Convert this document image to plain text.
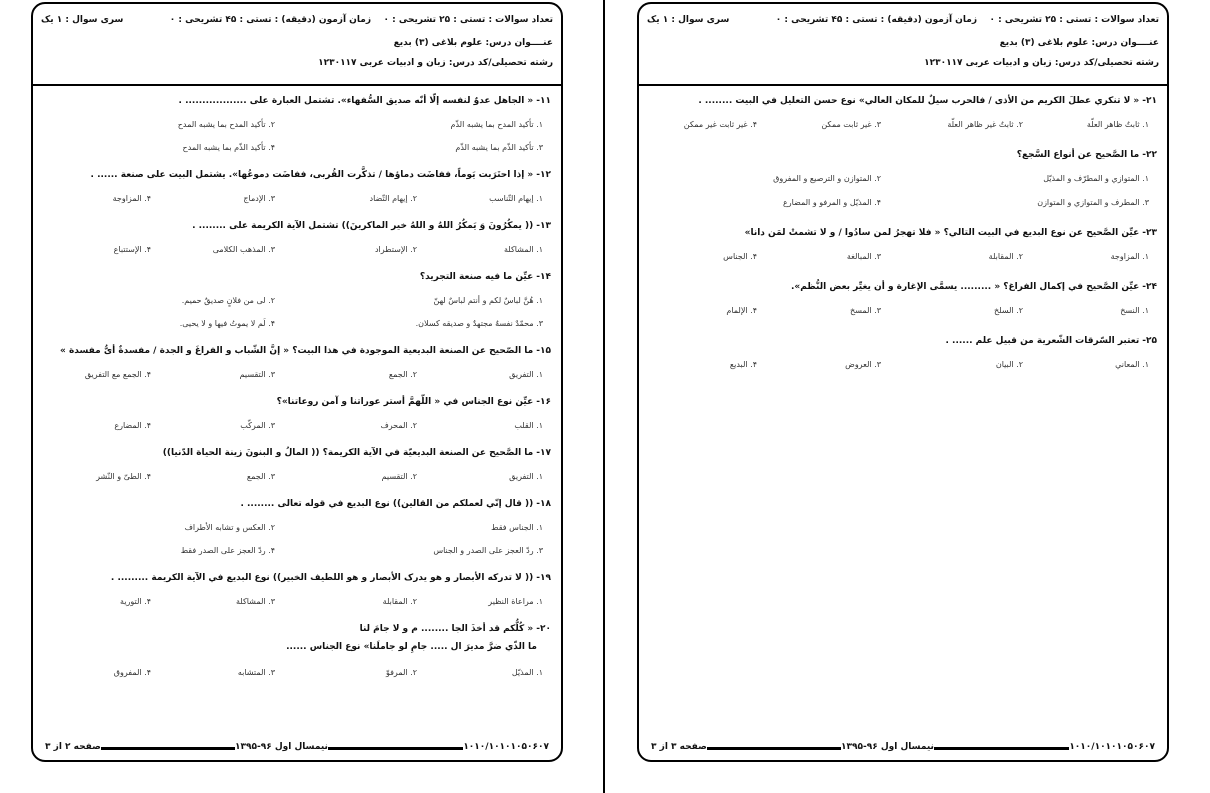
تعداد سوالات : تستی : ۲۵ تشریحی : ۰
زمان آزمون (دقیقه) : تستی : ۴۵ تشریحی : ۰
سری سوال : ۱ یک
عنــــوان درس: علوم بلاغی (۳) بدیع
رشته تحصیلی/کد درس: زبان و ادبیات عربی ۱۲۳۰۱۱۷
۱۱-« الجاهل عدوٌ لنفسه إلّا أنّه صدیق السُّفهاء». تشتمل العبارة على .................. .
۱. تأکید المدح بما یشبه الذّم
۲. تأکید المدح بما یشبه المدح
۳. تأکید الذّم بما یشبه الذّم
۴. تأکید الذّم بما یشبه المدح
۱۲-« إذا احتَرَبت یَوماً، ففاضَت دماؤها / تذکَّرت القُربی، ففاضَت دموعُها». یشتمل البیت على صنعة ...... .
۱. إیهام التّناسب
۲. إیهام التّضاد
۳. الإدماج
۴. المزاوجة
۱۳-(( یمکُرُونَ وَ یَمکُرُ اللهُ و اللهُ خیر الماکرینَ)) تشتمل الآیة الکریمة على ........ .
۱. المشاکلة
۲. الإستطراد
۳. المذهب الکلامی
۴. الإستتباع
۱۴-عیِّن ما فیه صنعة التجرید؟
۱. هُنَّ لباسٌ لکم و أنتم لباسٌ لهنّ
۲. لی من فلانٍ صدیقٌ حمیم.
۳. محمّدٌ نفسهٌ مجتهدٌ و صدیقه کسلان.
۴. لَم لا یموتُ فیها و لا یحیی.
۱۵-ما الصّحیح عن الصنعة البدیعیة الموجودة في هذا البیت؟ « إنَّ الشّباب و الفراغَ و الجدة / مفسدةٌ أیُّ مفسدة »
۱. التفریق
۲. الجمع
۳. التقسیم
۴. الجمع مع التفریق
۱۶-عیِّن نوع الجناس في « اللّهمَّ أستر عوراتنا و آمن روعاتنا»؟
۱. القلب
۲. المحرف
۳. المرکّب
۴. المضارع
۱۷-ما الصَّحیح عن الصنعة البدیعیّة في الآیة الکریمة؟ (( المالُ و البنونَ زینة الحیاة الدّنیا))
۱. التفریق
۲. التقسیم
۳. الجمع
۴. الطیّ و النّشر
۱۸-(( قال إنّي لعملکم من القالین)) نوع البدیع في قوله تعالی ........ .
۱. الجناس فقط
۲. العکس و تشابه الأطراف
۳. ردّ العجز على الصدر و الجناس
۴. ردّ العجز على الصدر فقط
۱۹-(( لا تدرکه الأبصار و هو یدرک الأبصار و هو اللطیف الخبیر)) نوع البدیع في الآیة الکریمة ......... .
۱. مراعاة النظیر
۲. المقابلة
۳. المشاکلة
۴. التوریة
۲۰-« کُلُّکم قد أخذَ الجا ........ م و لا جامَ لنا
ما الذّي ضرَّ مدیرَ ال ..... جامِ لو جاملَنا» نوع الجناس ......
۱. المذیّل
۲. المرفوّ
۳. المتشابه
۴. المفروق
صفحه ۲ از ۳	نیمسال اول ۹۶-۱۳۹۵	۱۰۱۰/۱۰۱۰۱۰۵۰۶۰۷
تعداد سوالات : تستی : ۲۵ تشریحی : ۰
زمان آزمون (دقیقه) : تستی : ۴۵ تشریحی : ۰
سری سوال : ۱ یک
عنــــوان درس: علوم بلاغی (۳) بدیع
رشته تحصیلی/کد درس: زبان و ادبیات عربی ۱۲۳۰۱۱۷
۲۱-« لا تنکري عطلَ الکریم من الأذی / فالحرب سیلٌ للمکان العالي» نوع حسن التعلیل في البیت ........ .
۱. ثابتٌ ظاهر العلّة
۲. ثابتٌ غیر ظاهر العلّة
۳. غیر ثابت ممکن
۴. غیر ثابت غیر ممکن
۲۲-ما الصَّحیح عن أنواع السَّجع؟
۱. المتوازي و المطرّف و المذیّل
۲. المتوازن و الترصیع و المفروق
۳. المطرف و المتوازي و المتوازن
۴. المذیّل و المرفو و المضارع
۲۳-عیِّن الصَّحیح عن نوع البدیع في البیت التالي؟ « فلا تهجرُ لمن سادُوا / و لا تشمتْ لمَن دانا»
۱. المزاوجة
۲. المقابلة
۳. المبالغة
۴. الجناس
۲۴-عیِّن الصَّحیح في إکمال الفراغ؟ « ......... یسمَّی الإغارة و أن یغیِّر بعض النُّظم».
۱. النسخ
۲. السلخ
۳. المسخ
۴. الإلمام
۲۵-تعتبر السّرقات الشّعریة من قبیل علم ...... .
۱. المعاني
۲. البیان
۳. العروض
۴. البدیع
صفحه ۳ از ۳	نیمسال اول ۹۶-۱۳۹۵	۱۰۱۰/۱۰۱۰۱۰۵۰۶۰۷
